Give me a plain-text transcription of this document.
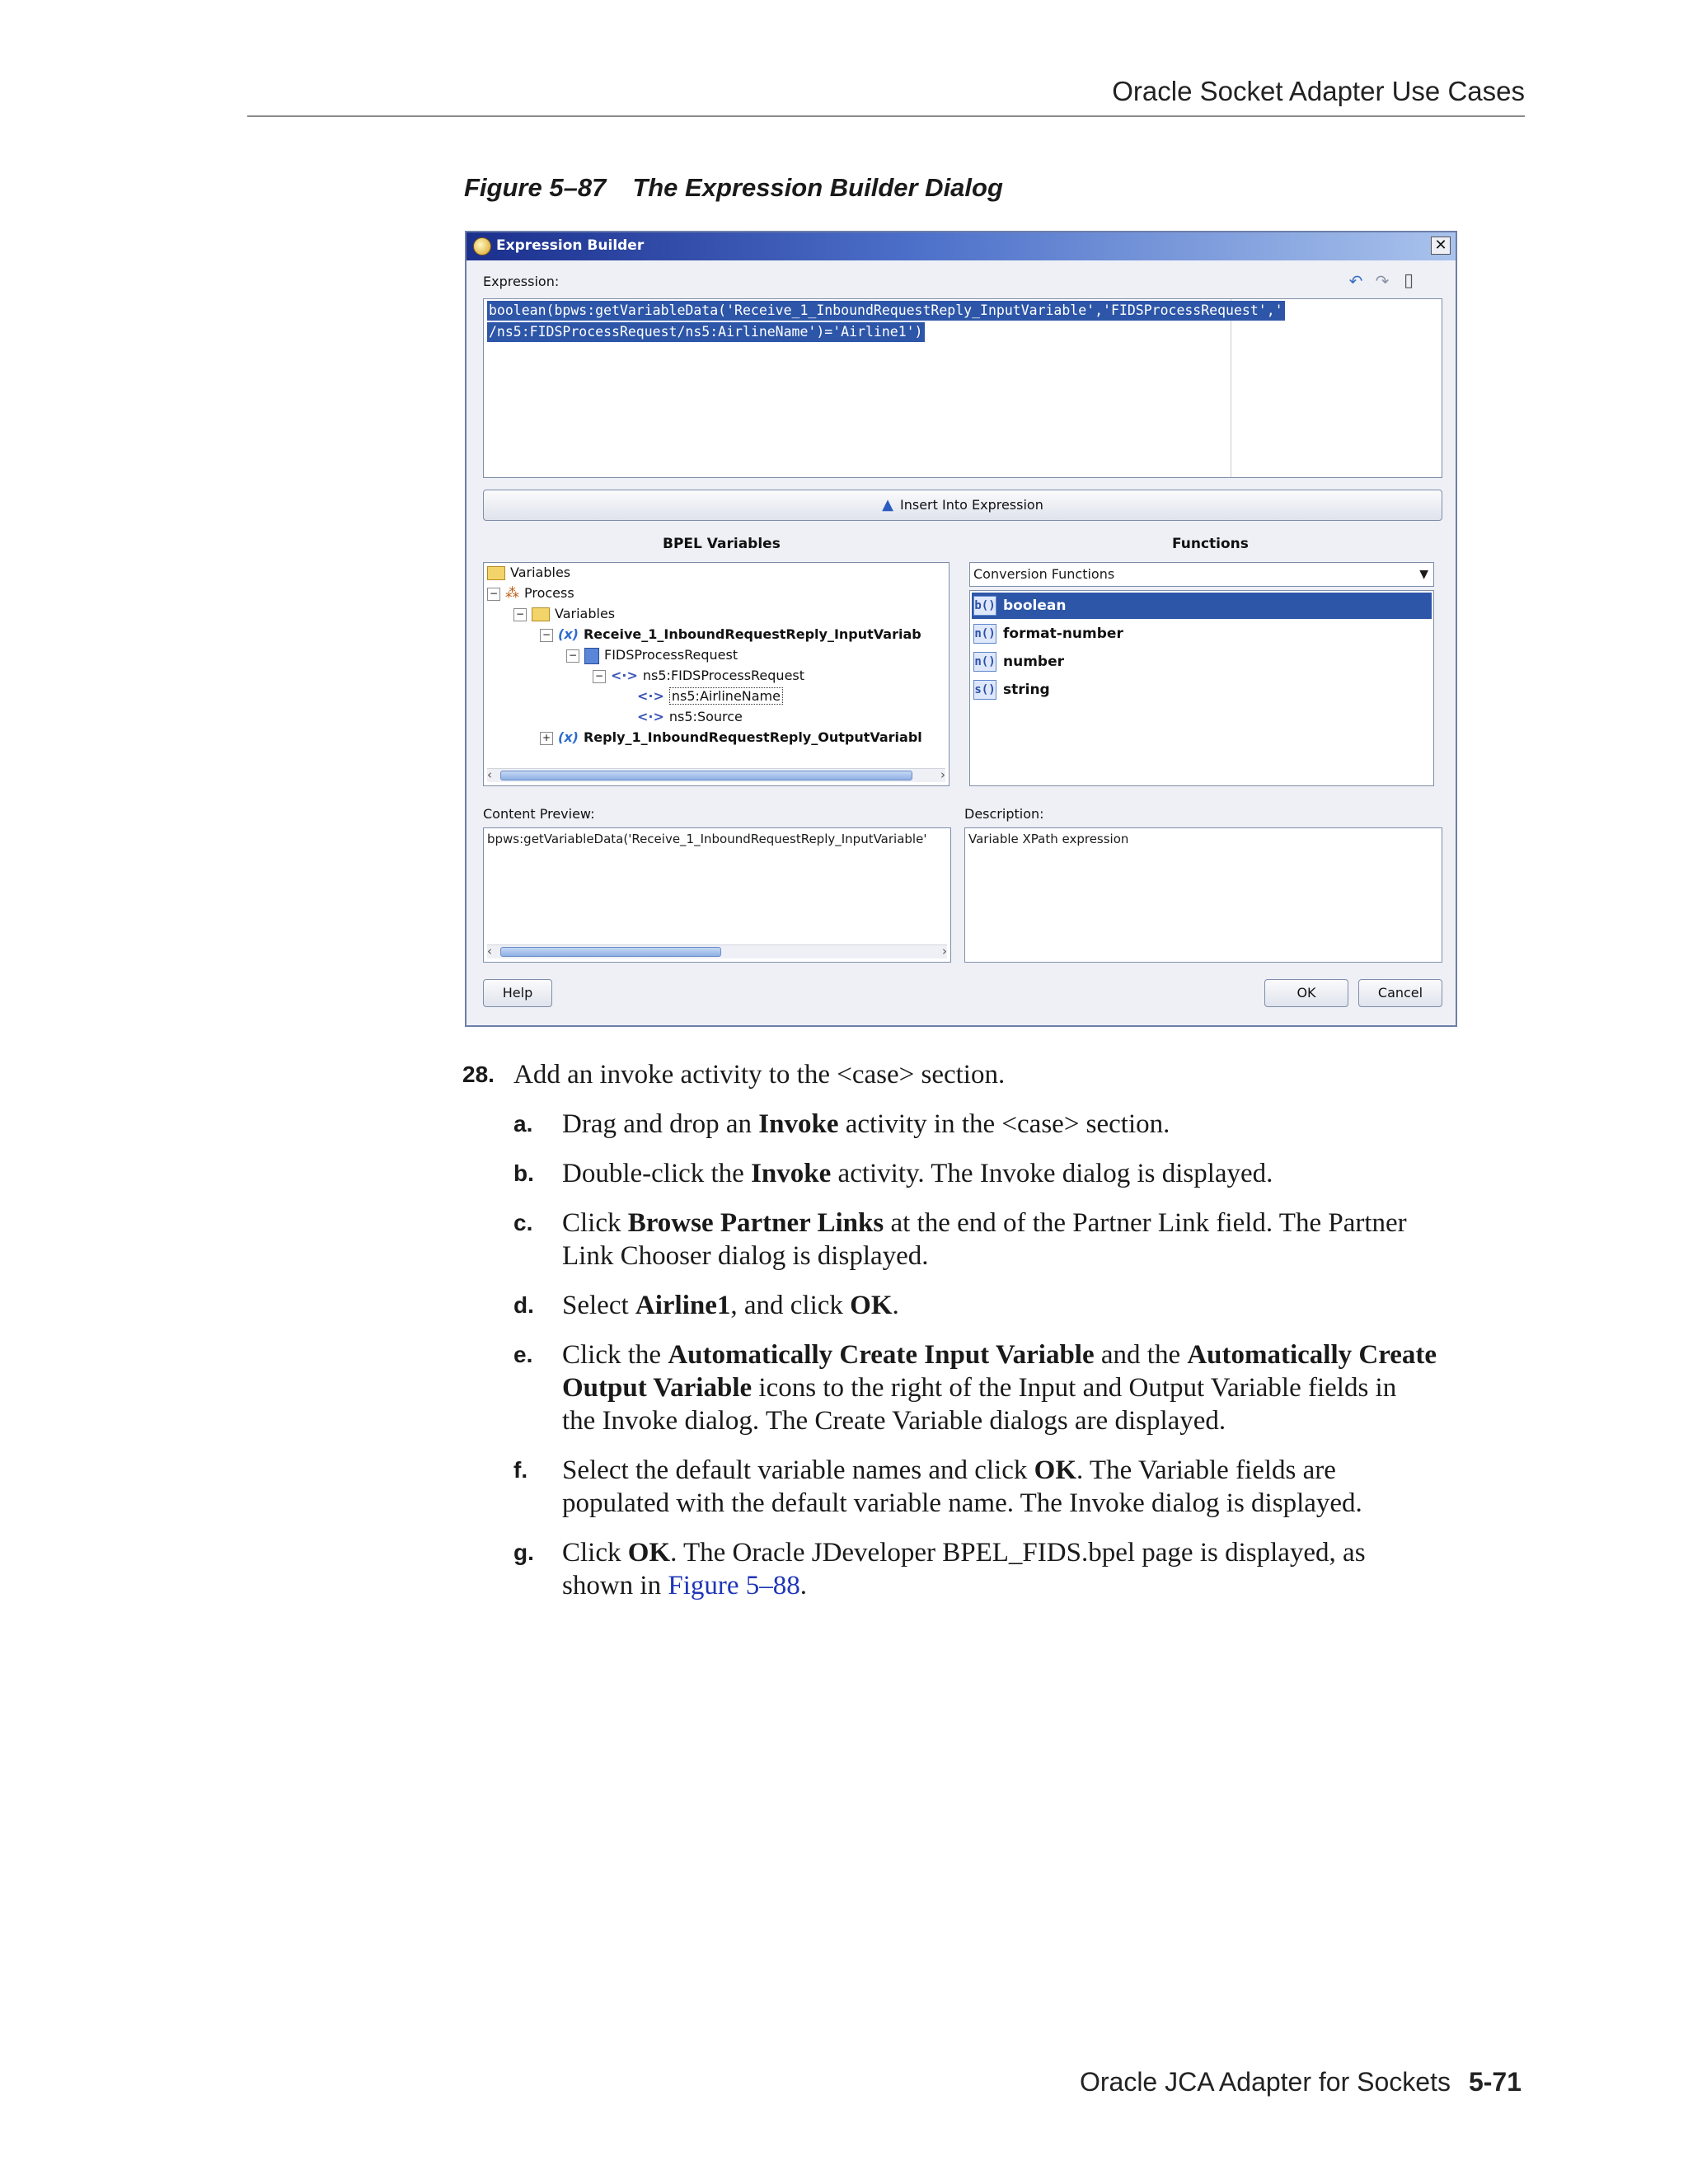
Oracle Socket Adapter Use Cases
Figure 5–87 The Expression Builder Dialog
Expression Builder	✕
Expression:	↶ ↷ ▯
boolean(bpws:getVariableData('Receive_1_InboundRequestReply_InputVariable','FIDSProcessRequest','
/ns5:FIDSProcessRequest/ns5:AirlineName')='Airline1')
▲ Insert Into Expression
BPEL Variables	Functions
Variables
− ⁂ Process
− Variables
− (x) Receive_1_InboundRequestReply_InputVariab
− FIDSProcessRequest
− <·> ns5:FIDSProcessRequest
<·> ns5:AirlineName
<·> ns5:Source
+ (x) Reply_1_InboundRequestReply_OutputVariabl
‹	›
Conversion Functions	▼
b() boolean
n() format-number
n() number
s() string
Content Preview:	Description:
bpws:getVariableData('Receive_1_InboundRequestReply_InputVariable'
‹	›
Variable XPath expression
Help	OK	Cancel
28. Add an invoke activity to the <case> section.
a. Drag and drop an Invoke activity in the <case> section.
b. Double-click the Invoke activity. The Invoke dialog is displayed.
c. Click Browse Partner Links at the end of the Partner Link field. The Partner
Link Chooser dialog is displayed.
d. Select Airline1, and click OK.
e. Click the Automatically Create Input Variable and the Automatically Create
Output Variable icons to the right of the Input and Output Variable fields in
the Invoke dialog. The Create Variable dialogs are displayed.
f. Select the default variable names and click OK. The Variable fields are
populated with the default variable name. The Invoke dialog is displayed.
g. Click OK. The Oracle JDeveloper BPEL_FIDS.bpel page is displayed, as
shown in Figure 5–88.
Oracle JCA Adapter for Sockets 5-71
